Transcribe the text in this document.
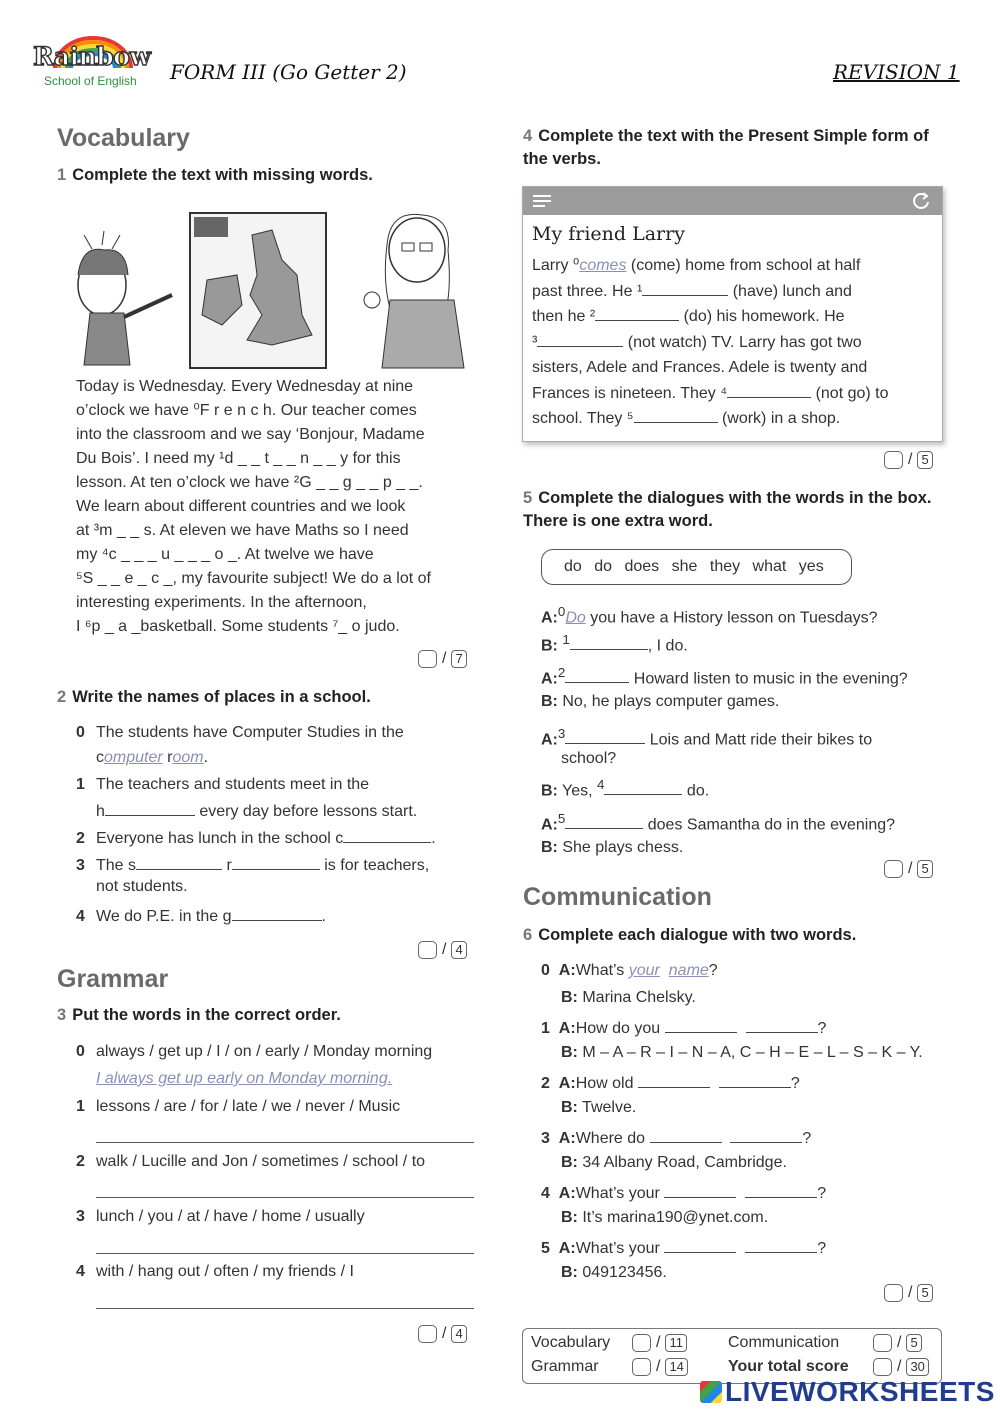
Rainbow
School of English FORM III (Go Getter 2)	REVISION 1
Vocabulary
1 Complete the text with missing words.
Today is Wednesday. Every Wednesday at nine
o’clock we have ⁰F r e n c h. Our teacher comes
into the classroom and we say ‘Bonjour, Madame
Du Bois’. I need my ¹d _ _ t _ _ n _ _ y for this
lesson. At ten o’clock we have ²G _ _ g _ _ p _ _.
We learn about different countries and we look
at ³m _ _ s. At eleven we have Maths so I need
my ⁴c _ _ _ u _ _ _ o _. At twelve we have
⁵S _ _ e _ c _, my favourite subject! We do a lot of
interesting experiments. In the afternoon,
I ⁶p _ a _basketball. Some students ⁷_ o judo.
/ 7
2 Write the names of places in a school.
0 The students have Computer Studies in the
computer room.
1 The teachers and students meet in the
h	every day before lessons start.
2 Everyone has lunch in the school c	.
3 The s	r	is for teachers,
not students.
4 We do P.E. in the g	.
/ 4
Grammar
3 Put the words in the correct order.
0 always / get up / I / on / early / Monday morning
I always get up early on Monday morning.
1 lessons / are / for / late / we / never / Music
2 walk / Lucille and Jon / sometimes / school / to
3 lunch / you / at / have / home / usually
4 with / hang out / often / my friends / I
/ 4
4 Complete the text with the Present Simple form of the verbs.
My friend Larry
Larry ⁰comes (come) home from school at half
past three. He ¹	(have) lunch and
then he ²	(do) his homework. He
³	(not watch) TV. Larry has got two
sisters, Adele and Frances. Adele is twenty and
Frances is nineteen. They ⁴	(not go) to
school. They ⁵	(work) in a shop.
/ 5
5 Complete the dialogues with the words in the box. There is one extra word.
do do does she they what yes
A:$^0$Do you have a History lesson on Tuesdays?
B: $^1$	, I do.
A:$^2$	Howard listen to music in the evening?
B: No, he plays computer games.
A:$^3$	Lois and Matt ride their bikes to
school?
B: Yes, $^4$	do.
A:$^5$	does Samantha do in the evening?
B: She plays chess.
/ 5
Communication
6 Complete each dialogue with two words.
0 A:What’s your name?
B: Marina Chelsky.
1 A:How do you	?
B: M – A – R – I – N – A, C – H – E – L – S – K – Y.
2 A:How old	?
B: Twelve.
3 A:Where do	?
B: 34 Albany Road, Cambridge.
4 A:What’s your	?
B: It’s marina190@ynet.com.
5 A:What’s your	?
B: 049123456.
/ 5
Vocabulary	/ 11
Grammar	/ 14
Communication	/ 5
Your total score	/ 30
LIVEWORKSHEETS
